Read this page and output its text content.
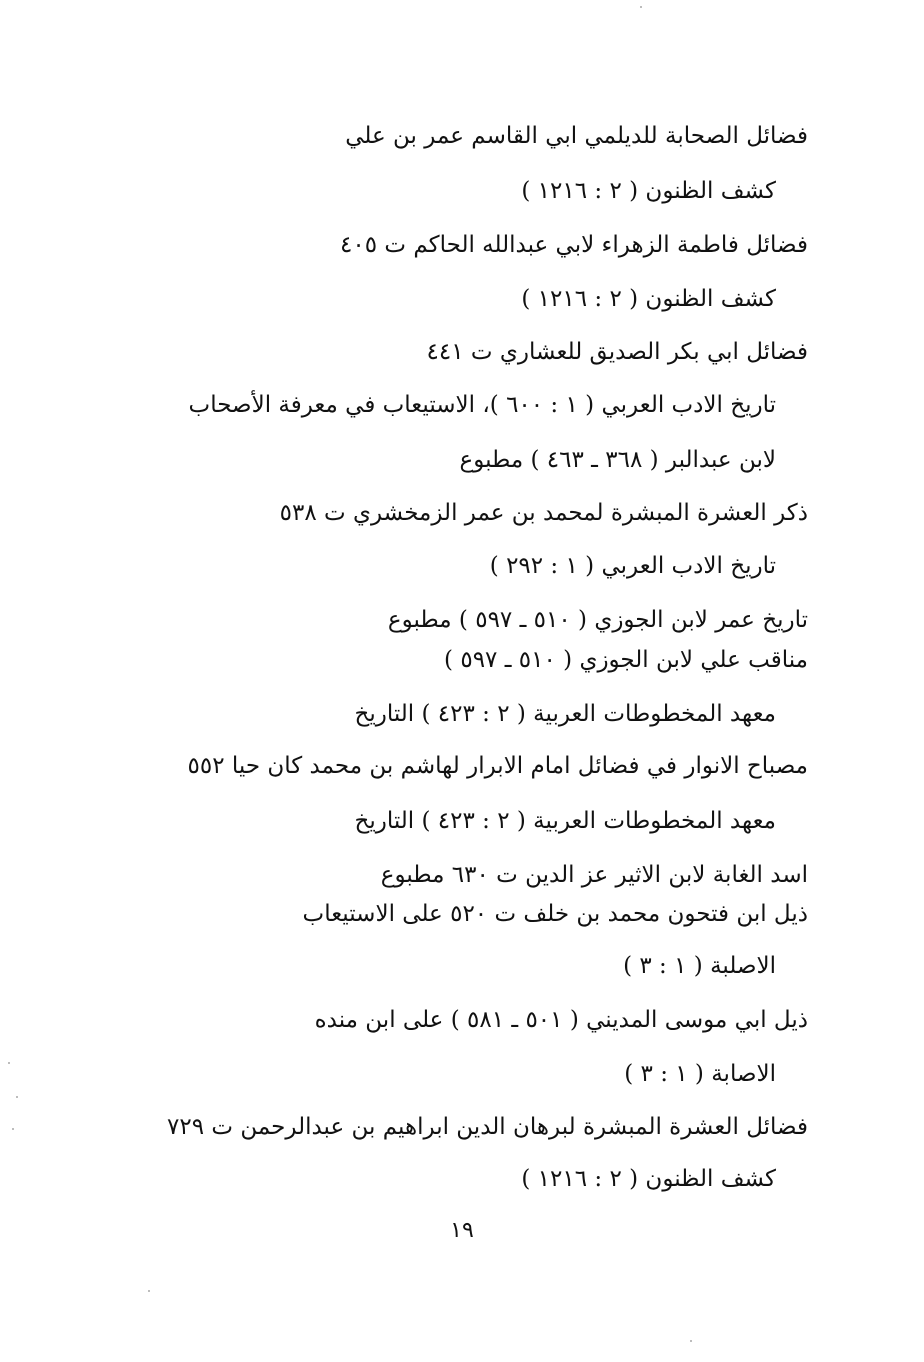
فضائل الصحابة للديلمي ابي القاسم عمر بن علي
كشف الظنون ( ٢ : ١٢١٦ )
فضائل فاطمة الزهراء لابي عبدالله الحاكم ت ٤٠٥
كشف الظنون ( ٢ : ١٢١٦ )
فضائل ابي بكر الصديق للعشاري ت ٤٤١
تاريخ الادب العربي ( ١ : ٦٠٠ )، الاستيعاب في معرفة الأصحاب
لابن عبدالبر ( ٣٦٨ ـ ٤٦٣ ) مطبوع
ذكر العشرة المبشرة لمحمد بن عمر الزمخشري ت ٥٣٨
تاريخ الادب العربي ( ١ : ٢٩٢ )
تاريخ عمر لابن الجوزي ( ٥١٠ ـ ٥٩٧ ) مطبوع
مناقب علي لابن الجوزي ( ٥١٠ ـ ٥٩٧ )
معهد المخطوطات العربية ( ٢ : ٤٢٣ ) التاريخ
مصباح الانوار في فضائل امام الابرار لهاشم بن محمد كان حيا ٥٥٢
معهد المخطوطات العربية ( ٢ : ٤٢٣ ) التاريخ
اسد الغابة لابن الاثير عز الدين ت ٦٣٠ مطبوع
ذيل ابن فتحون محمد بن خلف ت ٥٢٠ على الاستيعاب
الاصلبة ( ١ : ٣ )
ذيل ابي موسى المديني ( ٥٠١ ـ ٥٨١ ) على ابن منده
الاصابة ( ١ : ٣ )
فضائل العشرة المبشرة لبرهان الدين ابراهيم بن عبدالرحمن ت ٧٢٩
كشف الظنون ( ٢ : ١٢١٦ )
١٩
